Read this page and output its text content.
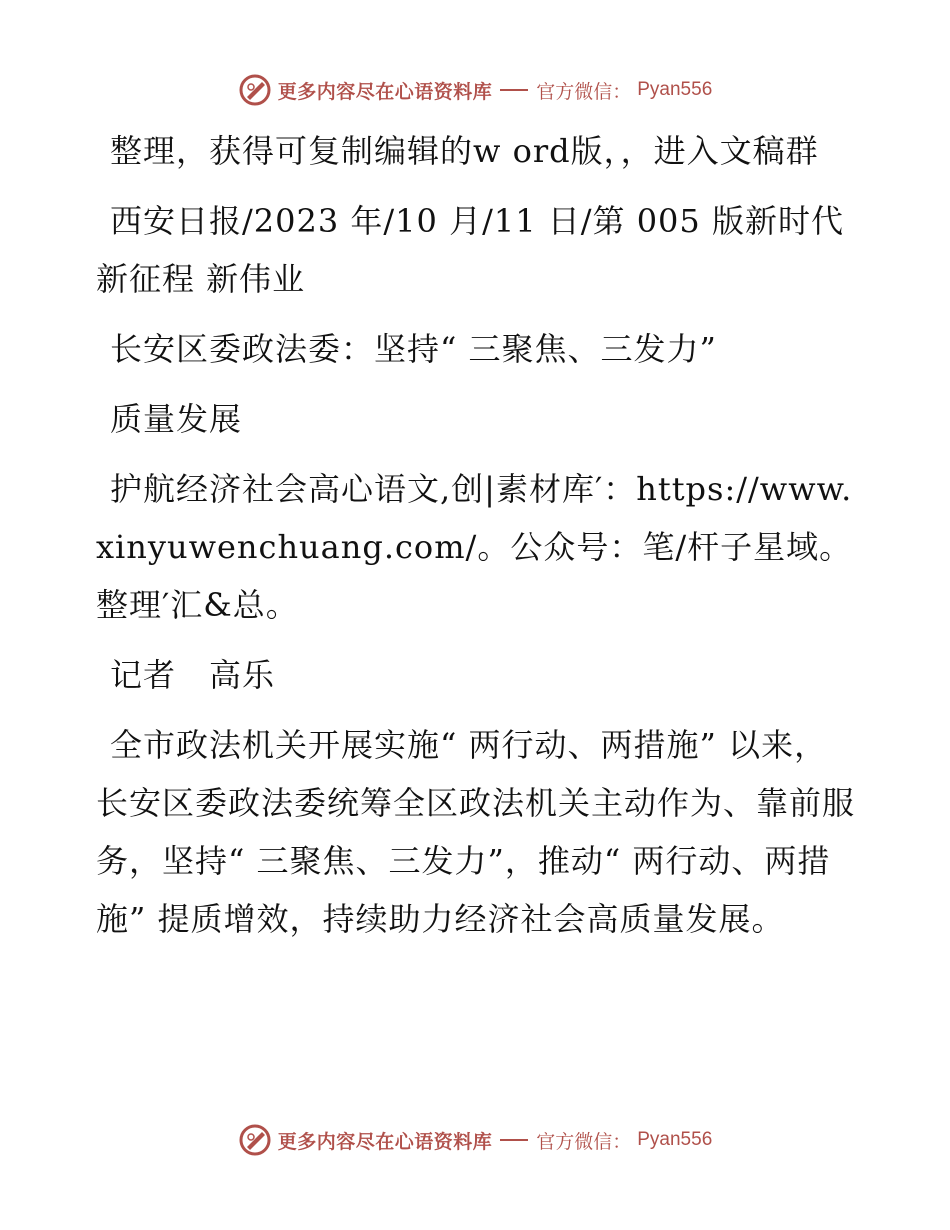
更多内容尽在心语资料库 官方微信： Pyan556

整理，获得可复制编辑的w ord版，，进入文稿群

西安日报/2023 年/10 月/11 日/第 005 版新时代 新征程 新伟业

长安区委政法委：坚持“ 三聚焦、三发力”

质量发展

护航经济社会高心语文,创|素材库′：https://www.xinyuwenchuang.com/。公众号：笔/杆子星域。整理′汇&总。

记者　高乐

全市政法机关开展实施“ 两行动、两措施” 以来，长安区委政法委统筹全区政法机关主动作为、靠前服务，坚持“ 三聚焦、三发力”，推动“ 两行动、两措施” 提质增效，持续助力经济社会高质量发展。

更多内容尽在心语资料库 官方微信： Pyan556
